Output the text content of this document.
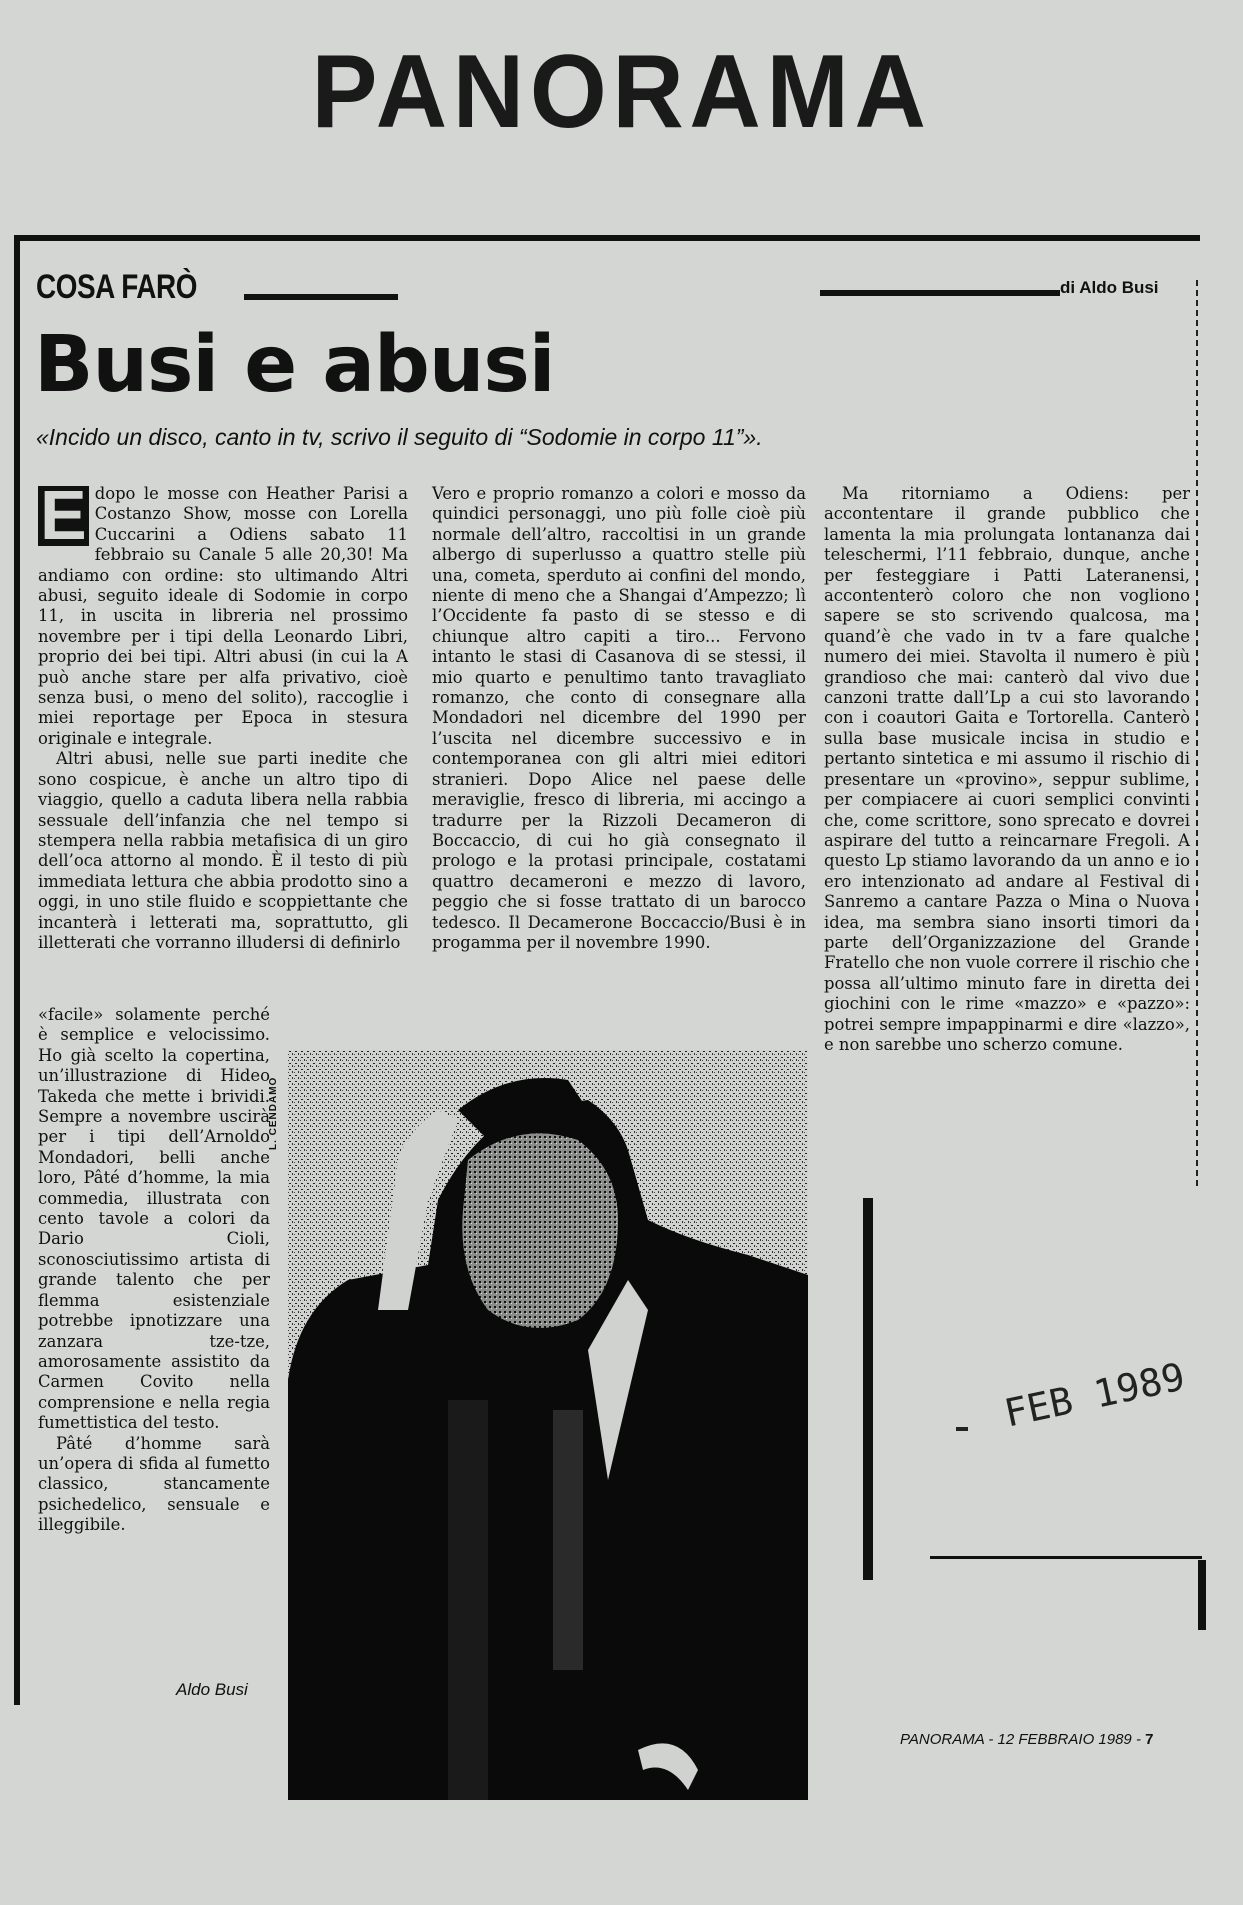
PANORAMA
COSA FARÒ	di Aldo Busi
Busi e abusi
«Incido un disco, canto in tv, scrivo il seguito di “Sodomie in corpo 11”».

E dopo le mosse con Heather Parisi a Costanzo Show, mosse con Lorella Cuccarini a Odiens sabato 11 febbraio su Canale 5 alle 20,30! Ma andiamo con ordine: sto ultimando Altri abusi, seguito ideale di Sodomie in corpo 11, in uscita in libreria nel prossimo novembre per i tipi della Leonardo Libri, proprio dei bei tipi. Altri abusi (in cui la A può anche stare per alfa privativo, cioè senza busi, o meno del solito), raccoglie i miei reportage per Epoca in stesura originale e integrale.

Altri abusi, nelle sue parti inedite che sono cospicue, è anche un altro tipo di viaggio, quello a caduta libera nella rabbia sessuale dell’infanzia che nel tempo si stempera nella rabbia metafisica di un giro dell’oca attorno al mondo. È il testo di più immediata lettura che abbia prodotto sino a oggi, in uno stile fluido e scoppiettante che incanterà i letterati ma, soprattutto, gli illetterati che vorranno illudersi di definirlo

«facile» solamente perché è semplice e velocissimo. Ho già scelto la copertina, un’illustrazione di Hideo Takeda che mette i brividi. Sempre a novembre uscirà per i tipi dell’Arnoldo Mondadori, belli anche loro, Pâté d’homme, la mia commedia, illustrata con cento tavole a colori da Dario Cioli, sconosciutissimo artista di grande talento che per flemma esistenziale potrebbe ipnotizzare una zanzara tze-tze, amorosamente assistito da Carmen Covito nella comprensione e nella regia fumettistica del testo.

Pâté d’homme sarà un’opera di sfida al fumetto classico, stancamente psichedelico, sensuale e illeggibile.

Vero e proprio romanzo a colori e mosso da quindici personaggi, uno più folle cioè più normale dell’altro, raccoltisi in un grande albergo di superlusso a quattro stelle più una, cometa, sperduto ai confini del mondo, niente di meno che a Shangai d’Ampezzo; lì l’Occidente fa pasto di se stesso e di chiunque altro capiti a tiro... Fervono intanto le stasi di Casanova di se stessi, il mio quarto e penultimo tanto travagliato romanzo, che conto di consegnare alla Mondadori nel dicembre del 1990 per l’uscita nel dicembre successivo e in contemporanea con gli altri miei editori stranieri. Dopo Alice nel paese delle meraviglie, fresco di libreria, mi accingo a tradurre per la Rizzoli Decameron di Boccaccio, di cui ho già consegnato il prologo e la protasi principale, costatami quattro decameroni e mezzo di lavoro, peggio che si fosse trattato di un barocco tedesco. Il Decamerone Boccaccio/Busi è in progamma per il novembre 1990.

Ma ritorniamo a Odiens: per accontentare il grande pubblico che lamenta la mia prolungata lontananza dai teleschermi, l’11 febbraio, dunque, anche per festeggiare i Patti Lateranensi, accontenterò coloro che non vogliono sapere se sto scrivendo qualcosa, ma quand’è che vado in tv a fare qualche numero dei miei. Stavolta il numero è più grandioso che mai: canterò dal vivo due canzoni tratte dall’Lp a cui sto lavorando con i coautori Gaita e Tortorella. Canterò sulla base musicale incisa in studio e pertanto sintetica e mi assumo il rischio di presentare un «provino», seppur sublime, per compiacere ai cuori semplici convinti che, come scrittore, sono sprecato e dovrei aspirare del tutto a reincarnare Fregoli. A questo Lp stiamo lavorando da un anno e io ero intenzionato ad andare al Festival di Sanremo a cantare Pazza o Mina o Nuova idea, ma sembra siano insorti timori da parte dell’Organizzazione del Grande Fratello che non vuole correre il rischio che possa all’ultimo minuto fare in diretta dei giochini con le rime «mazzo» e «pazzo»: potrei sempre impappinarmi e dire «lazzo», e non sarebbe uno scherzo comune.

Aldo Busi
L. CENDAMO
FEB 1989
PANORAMA - 12 FEBBRAIO 1989 - 7
